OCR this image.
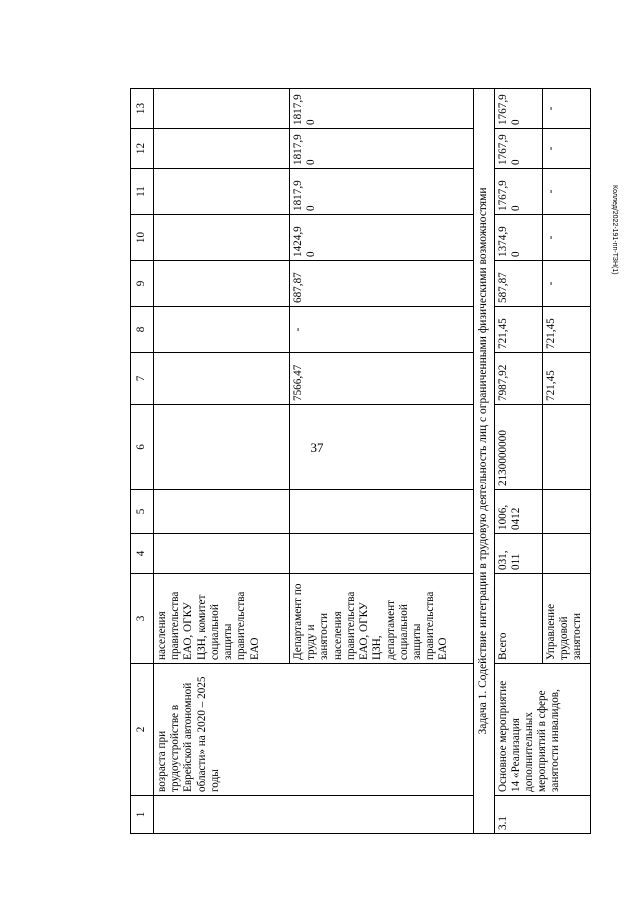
37
Коллед/2022-191-пп-ТЗН(1)
1	2	3	4	5	6	7	8	9	10	11	12	13
	возраста при трудоустройстве в Еврейской автономной области» на 2020 – 2025 годы	населения правительства ЕАО, ОГКУ ЦЗН, комитет социальной защиты правительства ЕАО										
		Департамент по труду и занятости населения правительства ЕАО, ОГКУ ЦЗН, департамент социальной защиты правительства ЕАО				7566,47	-	687,87	1424,9 0	1817,9 0	1817,9 0	1817,9 0
Задача 1. Содействие интеграции в трудовую деятельность лиц с ограниченными физическими возможностями												
3.1	Основное мероприятие 14 «Реализация дополнительных мероприятий в сфере занятости инвалидов,	Всего	031, 011	1006, 0412	2130000000	7987,92	721,45	587,87	1374,9 0	1767,9 0	1767,9 0	1767,9 0
		Управление трудовой занятости				721,45	721,45	-	-	-	-	-
